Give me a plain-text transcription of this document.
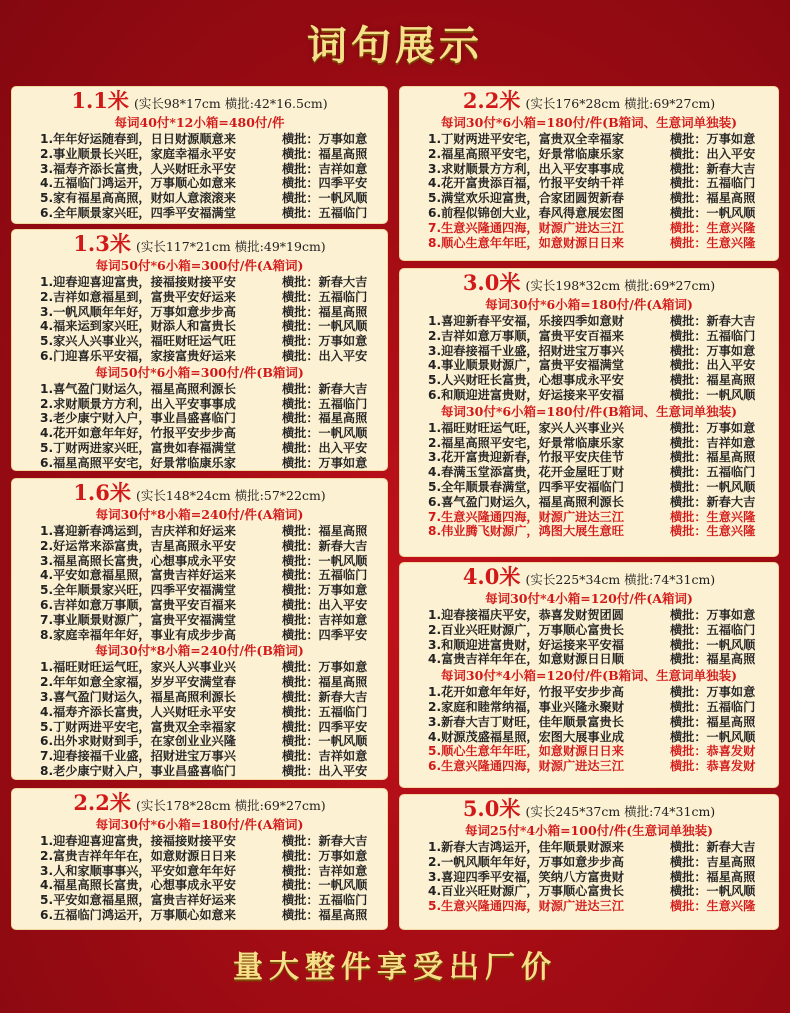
词句展示
1.1米 (实长98*17cm 横批:42*16.5cm)
每词40付*12小箱=480付/件
1.年年好运随春到，日日财源顺意来	横批：万事如意
2.事业顺景长兴旺，家庭幸福永平安	横批：福星高照
3.福寿齐添长富贵，人兴财旺永平安	横批：吉祥如意
4.五福临门鸿运开，万事顺心如意来	横批：四季平安
5.家有福星高高照，财如人意滚滚来	横批：一帆风顺
6.全年顺景家兴旺，四季平安福满堂	横批：五福临门
1.3米 (实长117*21cm 横批:49*19cm)
每词50付*6小箱=300付/件(A箱词)
1.迎春迎喜迎富贵，接福接财接平安	横批：新春大吉
2.吉祥如意福星到，富贵平安好运来	横批：五福临门
3.一帆风顺年年好，万事如意步步高	横批：福星高照
4.福来运到家兴旺，财添人和富贵长	横批：一帆风顺
5.家兴人兴事业兴，福旺财旺运气旺	横批：万事如意
6.门迎喜乐平安福，家接富贵好运来	横批：出入平安
每词50付*6小箱=300付/件(B箱词)
1.喜气盈门财运久，福星高照利源长	横批：新春大吉
2.求财顺景方方利，出入平安事事成	横批：五福临门
3.老少康宁财入户，事业昌盛喜临门	横批：福星高照
4.花开如意年年好，竹报平安步步高	横批：一帆风顺
5.丁财两进家兴旺，富贵如春福满堂	横批：出入平安
6.福星高照平安宅，好景常临康乐家	横批：万事如意
1.6米 (实长148*24cm 横批:57*22cm)
每词30付*8小箱=240付/件(A箱词)
1.喜迎新春鸿运到，吉庆祥和好运来	横批：福星高照
2.好运常来添富贵，吉星高照永平安	横批：新春大吉
3.福星高照长富贵，心想事成永平安	横批：一帆风顺
4.平安如意福星照，富贵吉祥好运来	横批：五福临门
5.全年顺景家兴旺，四季平安福满堂	横批：万事如意
6.吉祥如意万事顺，富贵平安百福来	横批：出入平安
7.事业顺景财源广，富贵平安福满堂	横批：吉祥如意
8.家庭幸福年年好，事业有成步步高	横批：四季平安
每词30付*8小箱=240付/件(B箱词)
1.福旺财旺运气旺，家兴人兴事业兴	横批：万事如意
2.年年如意全家福，岁岁平安满堂春	横批：福星高照
3.喜气盈门财运久，福星高照利源长	横批：新春大吉
4.福寿齐添长富贵，人兴财旺永平安	横批：五福临门
5.丁财两进平安宅，富贵双全幸福家	横批：四季平安
6.出外求财财到手，在家创业业兴隆	横批：一帆风顺
7.迎春接福千业盛，招财进宝万事兴	横批：吉祥如意
8.老少康宁财入户，事业昌盛喜临门	横批：出入平安
2.2米 (实长178*28cm 横批:69*27cm)
每词30付*6小箱=180付/件(A箱词)
1.迎春迎喜迎富贵，接福接财接平安	横批：新春大吉
2.富贵吉祥年年在，如意财源日日来	横批：万事如意
3.人和家顺事事兴，平安如意年年好	横批：吉祥如意
4.福星高照长富贵，心想事成永平安	横批：一帆风顺
5.平安如意福星照，富贵吉祥好运来	横批：五福临门
6.五福临门鸿运开，万事顺心如意来	横批：福星高照
2.2米 (实长176*28cm 横批:69*27cm)
每词30付*6小箱=180付/件(B箱词、生意词单独装)
1.丁财两进平安宅，富贵双全幸福家	横批：万事如意
2.福星高照平安宅，好景常临康乐家	横批：出入平安
3.求财顺景方方利，出入平安事事成	横批：新春大吉
4.花开富贵添百福，竹报平安纳千祥	横批：五福临门
5.满堂欢乐迎富贵，合家团圆贺新春	横批：福星高照
6.前程似锦创大业，春风得意展宏图	横批：一帆风顺
7.生意兴隆通四海，财源广进达三江	横批：生意兴隆
8.顺心生意年年旺，如意财源日日来	横批：生意兴隆
3.0米 (实长198*32cm 横批:69*27cm)
每词30付*6小箱=180付/件(A箱词)
1.喜迎新春平安福，乐接四季如意财	横批：新春大吉
2.吉祥如意万事顺，富贵平安百福来	横批：五福临门
3.迎春接福千业盛，招财进宝万事兴	横批：万事如意
4.事业顺景财源广，富贵平安福满堂	横批：出入平安
5.人兴财旺长富贵，心想事成永平安	横批：福星高照
6.和顺迎进富贵财，好运接来平安福	横批：一帆风顺
每词30付*6小箱=180付/件(B箱词、生意词单独装)
1.福旺财旺运气旺，家兴人兴事业兴	横批：万事如意
2.福星高照平安宅，好景常临康乐家	横批：吉祥如意
3.花开富贵迎新春，竹报平安庆佳节	横批：福星高照
4.春满玉堂添富贵，花开金屋旺丁财	横批：五福临门
5.全年顺景春满堂，四季平安福临门	横批：一帆风顺
6.喜气盈门财运久，福星高照利源长	横批：新春大吉
7.生意兴隆通四海，财源广进达三江	横批：生意兴隆
8.伟业腾飞财源广，鸿图大展生意旺	横批：生意兴隆
4.0米 (实长225*34cm 横批:74*31cm)
每词30付*4小箱=120付/件(A箱词)
1.迎春接福庆平安，恭喜发财贺团圆	横批：万事如意
2.百业兴旺财源广，万事顺心富贵长	横批：五福临门
3.和顺迎进富贵财，好运接来平安福	横批：一帆风顺
4.富贵吉祥年年在，如意财源日日顺	横批：福星高照
每词30付*4小箱=120付/件(B箱词、生意词单独装)
1.花开如意年年好，竹报平安步步高	横批：万事如意
2.家庭和睦常纳福，事业兴隆永聚财	横批：五福临门
3.新春大吉丁财旺，佳年顺景富贵长	横批：福星高照
4.财源茂盛福星照，宏图大展事业成	横批：一帆风顺
5.顺心生意年年旺，如意财源日日来	横批：恭喜发财
6.生意兴隆通四海，财源广进达三江	横批：恭喜发财
5.0米 (实长245*37cm 横批:74*31cm)
每词25付*4小箱=100付/件(生意词单独装)
1.新春大吉鸿运开，佳年顺景财源来	横批：新春大吉
2.一帆风顺年年好，万事如意步步高	横批：吉星高照
3.喜迎四季平安福，笑纳八方富贵财	横批：福星高照
4.百业兴旺财源广，万事顺心富贵长	横批：一帆风顺
5.生意兴隆通四海，财源广进达三江	横批：生意兴隆
量大整件享受出厂价
